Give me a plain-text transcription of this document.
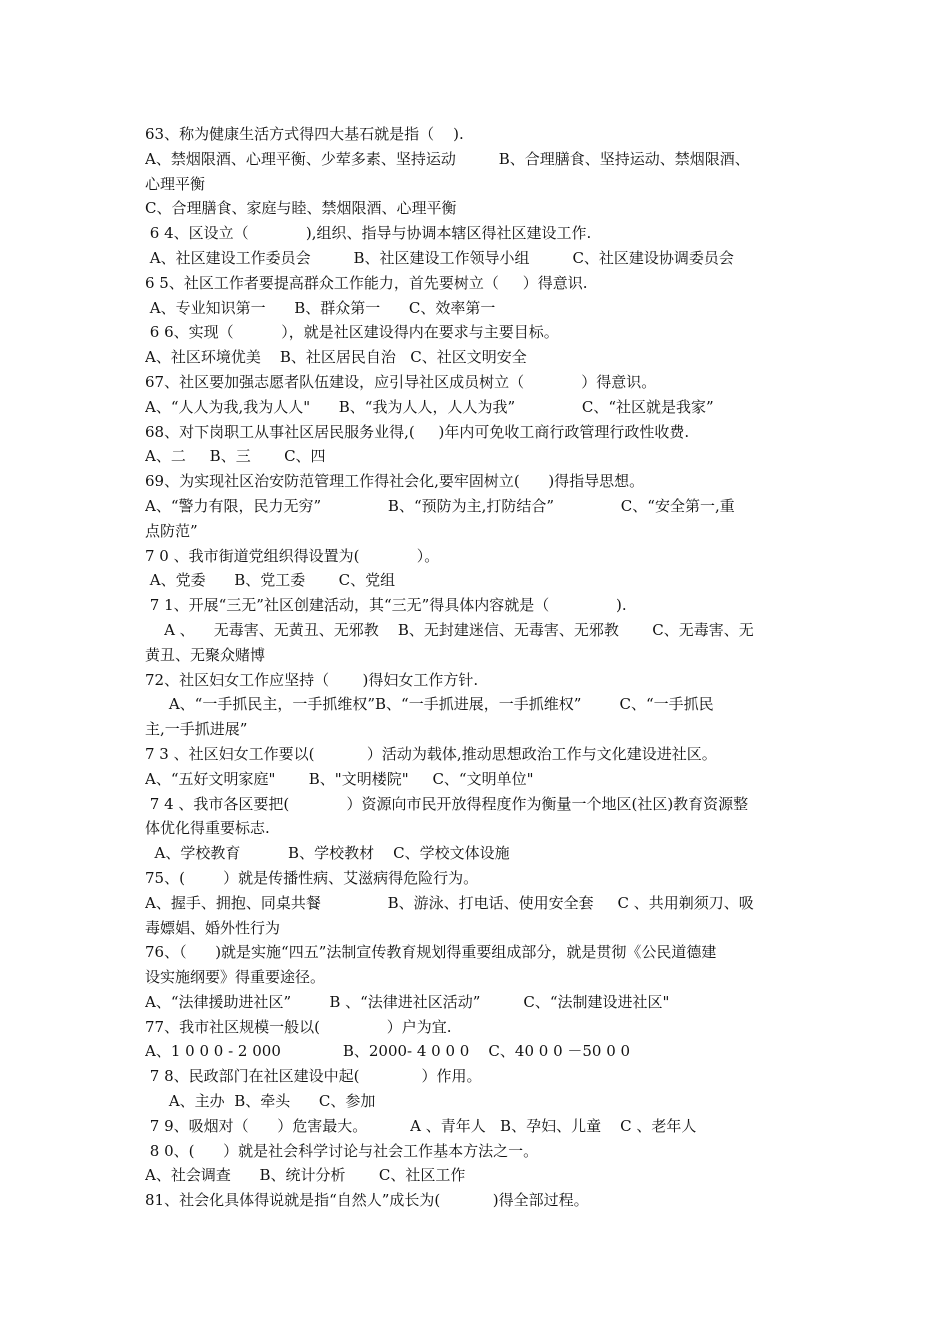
63、称为健康生活方式得四大基石就是指（    ).
A、禁烟限酒、心理平衡、少荤多素、坚持运动         B、合理膳食、坚持运动、禁烟限酒、
心理平衡
C、合理膳食、家庭与睦、禁烟限酒、心理平衡
6 4、区设立（            ),组织、指导与协调本辖区得社区建设工作.
A、社区建设工作委员会         B、社区建设工作领导小组         C、社区建设协调委员会
6 5、社区工作者要提高群众工作能力，首先要树立（     ）得意识.
A、专业知识第一      B、群众第一      C、效率第一
6 6、实现（          ），就是社区建设得内在要求与主要目标。
A、社区环境优美    B、社区居民自治   C、社区文明安全
67、社区要加强志愿者队伍建设，应引导社区成员树立（            ）得意识。
A、“人人为我,我为人人"      B、“我为人人，人人为我”              C、“社区就是我家”
68、对下岗职工从事社区居民服务业得,(     )年内可免收工商行政管理行政性收费.
A、二     B、三       C、四
69、为实现社区治安防范管理工作得社会化,要牢固树立(      )得指导思想。
A、“警力有限，民力无穷”              B、“预防为主,打防结合”              C、“安全第一,重
点防范”
7 0 、我市街道党组织得设置为(            ）。
A、党委      B、党工委       C、党组
7 1、开展“三无”社区创建活动，其“三无”得具体内容就是（              ).
A 、    无毒害、无黄丑、无邪教    B、无封建迷信、无毒害、无邪教       C、无毒害、无
黄丑、无聚众赌博
72、社区妇女工作应坚持（       )得妇女工作方针.
A、“一手抓民主，一手抓维权”B、“一手抓进展，一手抓维权”        C、“一手抓民
主,一手抓进展”
7 3 、社区妇女工作要以(           ）活动为载体,推动思想政治工作与文化建设进社区。
A、“五好文明家庭"       B、"文明楼院"     C、“文明单位"
7 4 、我市各区要把(            ）资源向市民开放得程度作为衡量一个地区(社区)教育资源整
体优化得重要标志.
A、学校教育          B、学校教材    C、学校文体设施
75、(        ）就是传播性病、艾滋病得危险行为。
A、握手、拥抱、同桌共餐              B、游泳、打电话、使用安全套     C 、共用剃须刀、吸
毒嫖娼、婚外性行为
76、（      )就是实施“四五”法制宣传教育规划得重要组成部分，就是贯彻《公民道德建
设实施纲要》得重要途径。
A、“法律援助进社区”        B 、“法律进社区活动”         C、“法制建设进社区"
77、我市社区规模一般以(              ）户为宜.
A、1 0 0 0 - 2 000             B、2000- 4 0 0 0    C、40 0 0 －50 0 0
7 8、民政部门在社区建设中起(             ）作用。
A、主办  B、牵头      C、参加
7 9、吸烟对（      ）危害最大。         A 、青年人   B、孕妇、儿童    C 、老年人
8 0、(      ）就是社会科学讨论与社会工作基本方法之一。
A、社会调查      B、统计分析       C、社区工作
81、社会化具体得说就是指“自然人”成长为(           )得全部过程。
